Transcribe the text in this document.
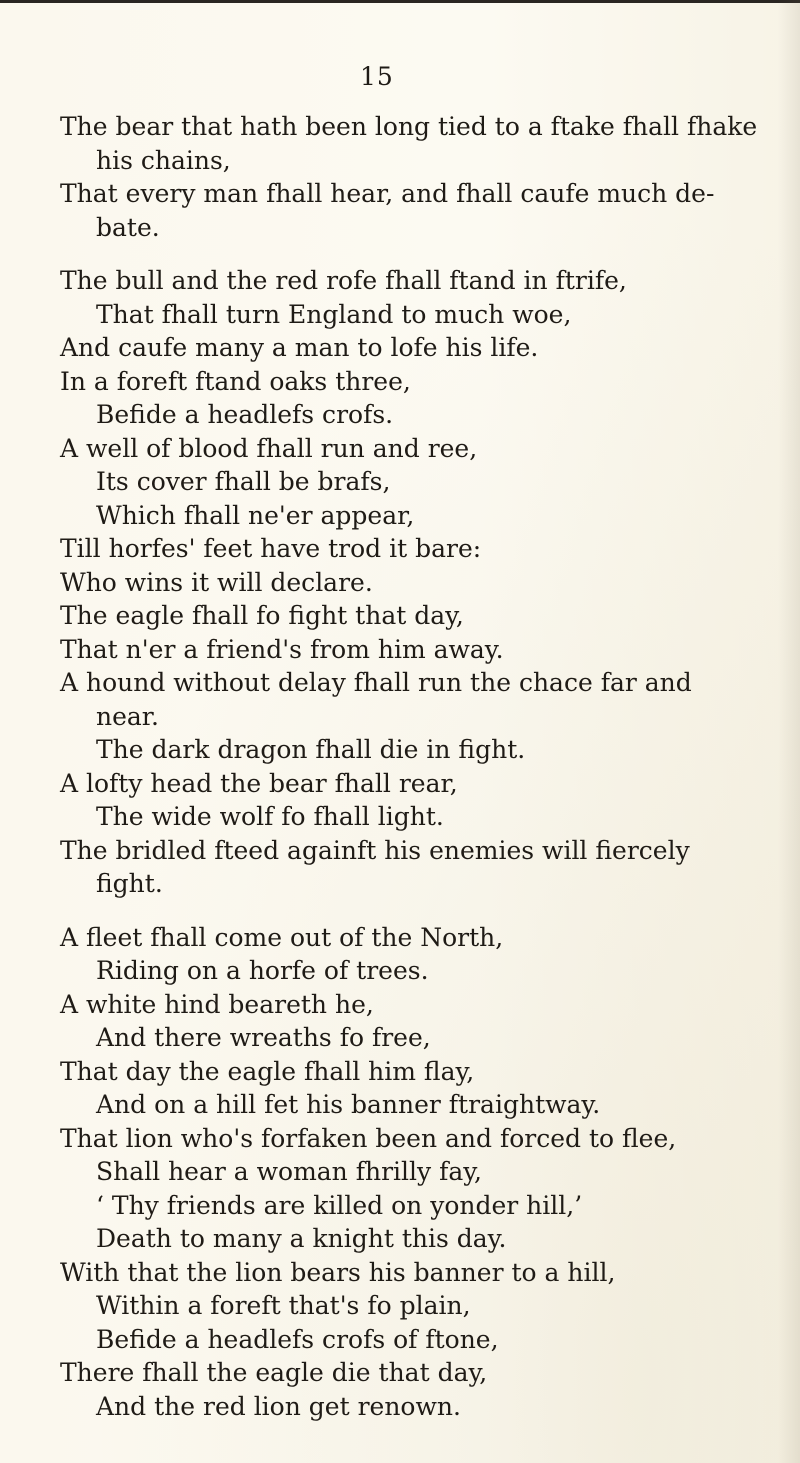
15
The bear that hath been long tied to a ftake fhall fhake
his chains,
That every man fhall hear, and fhall caufe much de-
bate.
The bull and the red rofe fhall ftand in ftrife,
That fhall turn England to much woe,
And caufe many a man to lofe his life.
In a foreft ftand oaks three,
Befide a headlefs crofs.
A well of blood fhall run and ree,
Its cover fhall be brafs,
Which fhall ne'er appear,
Till horfes' feet have trod it bare:
Who wins it will declare.
The eagle fhall fo fight that day,
That n'er a friend's from him away.
A hound without delay fhall run the chace far and
near.
The dark dragon fhall die in fight.
A lofty head the bear fhall rear,
The wide wolf fo fhall light.
The bridled fteed againft his enemies will fiercely
fight.
A fleet fhall come out of the North,
Riding on a horfe of trees.
A white hind beareth he,
And there wreaths fo free,
That day the eagle fhall him flay,
And on a hill fet his banner ftraightway.
That lion who's forfaken been and forced to flee,
Shall hear a woman fhrilly fay,
‘ Thy friends are killed on yonder hill,’
Death to many a knight this day.
With that the lion bears his banner to a hill,
Within a foreft that's fo plain,
Befide a headlefs crofs of ftone,
There fhall the eagle die that day,
And the red lion get renown.
